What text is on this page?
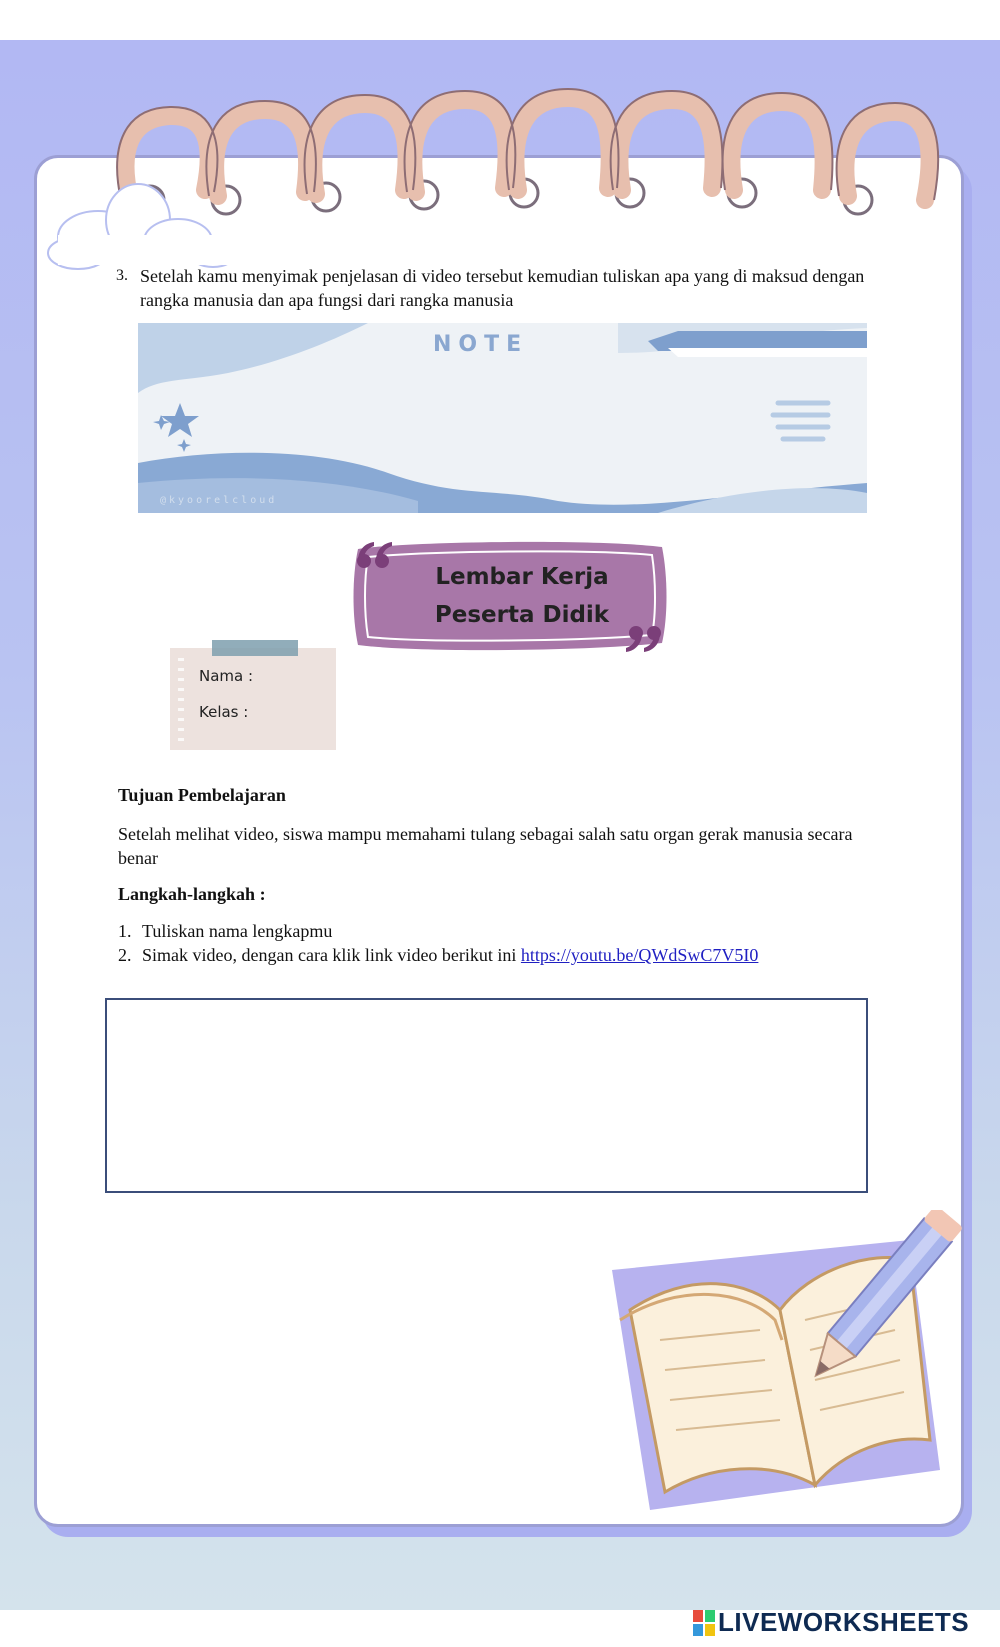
3. Setelah kamu menyimak penjelasan di video tersebut kemudian tuliskan apa yang di maksud dengan rangka manusia dan apa fungsi dari rangka manusia
NOTE
@kyoorelcloud
Lembar Kerja
Peserta Didik
Nama :
Kelas :
Tujuan Pembelajaran
Setelah melihat video, siswa mampu memahami tulang sebagai salah satu organ gerak manusia secara benar
Langkah-langkah :
1. Tuliskan nama lengkapmu
2. Simak video, dengan cara klik link video berikut ini https://youtu.be/QWdSwC7V5I0
LIVEWORKSHEETS
